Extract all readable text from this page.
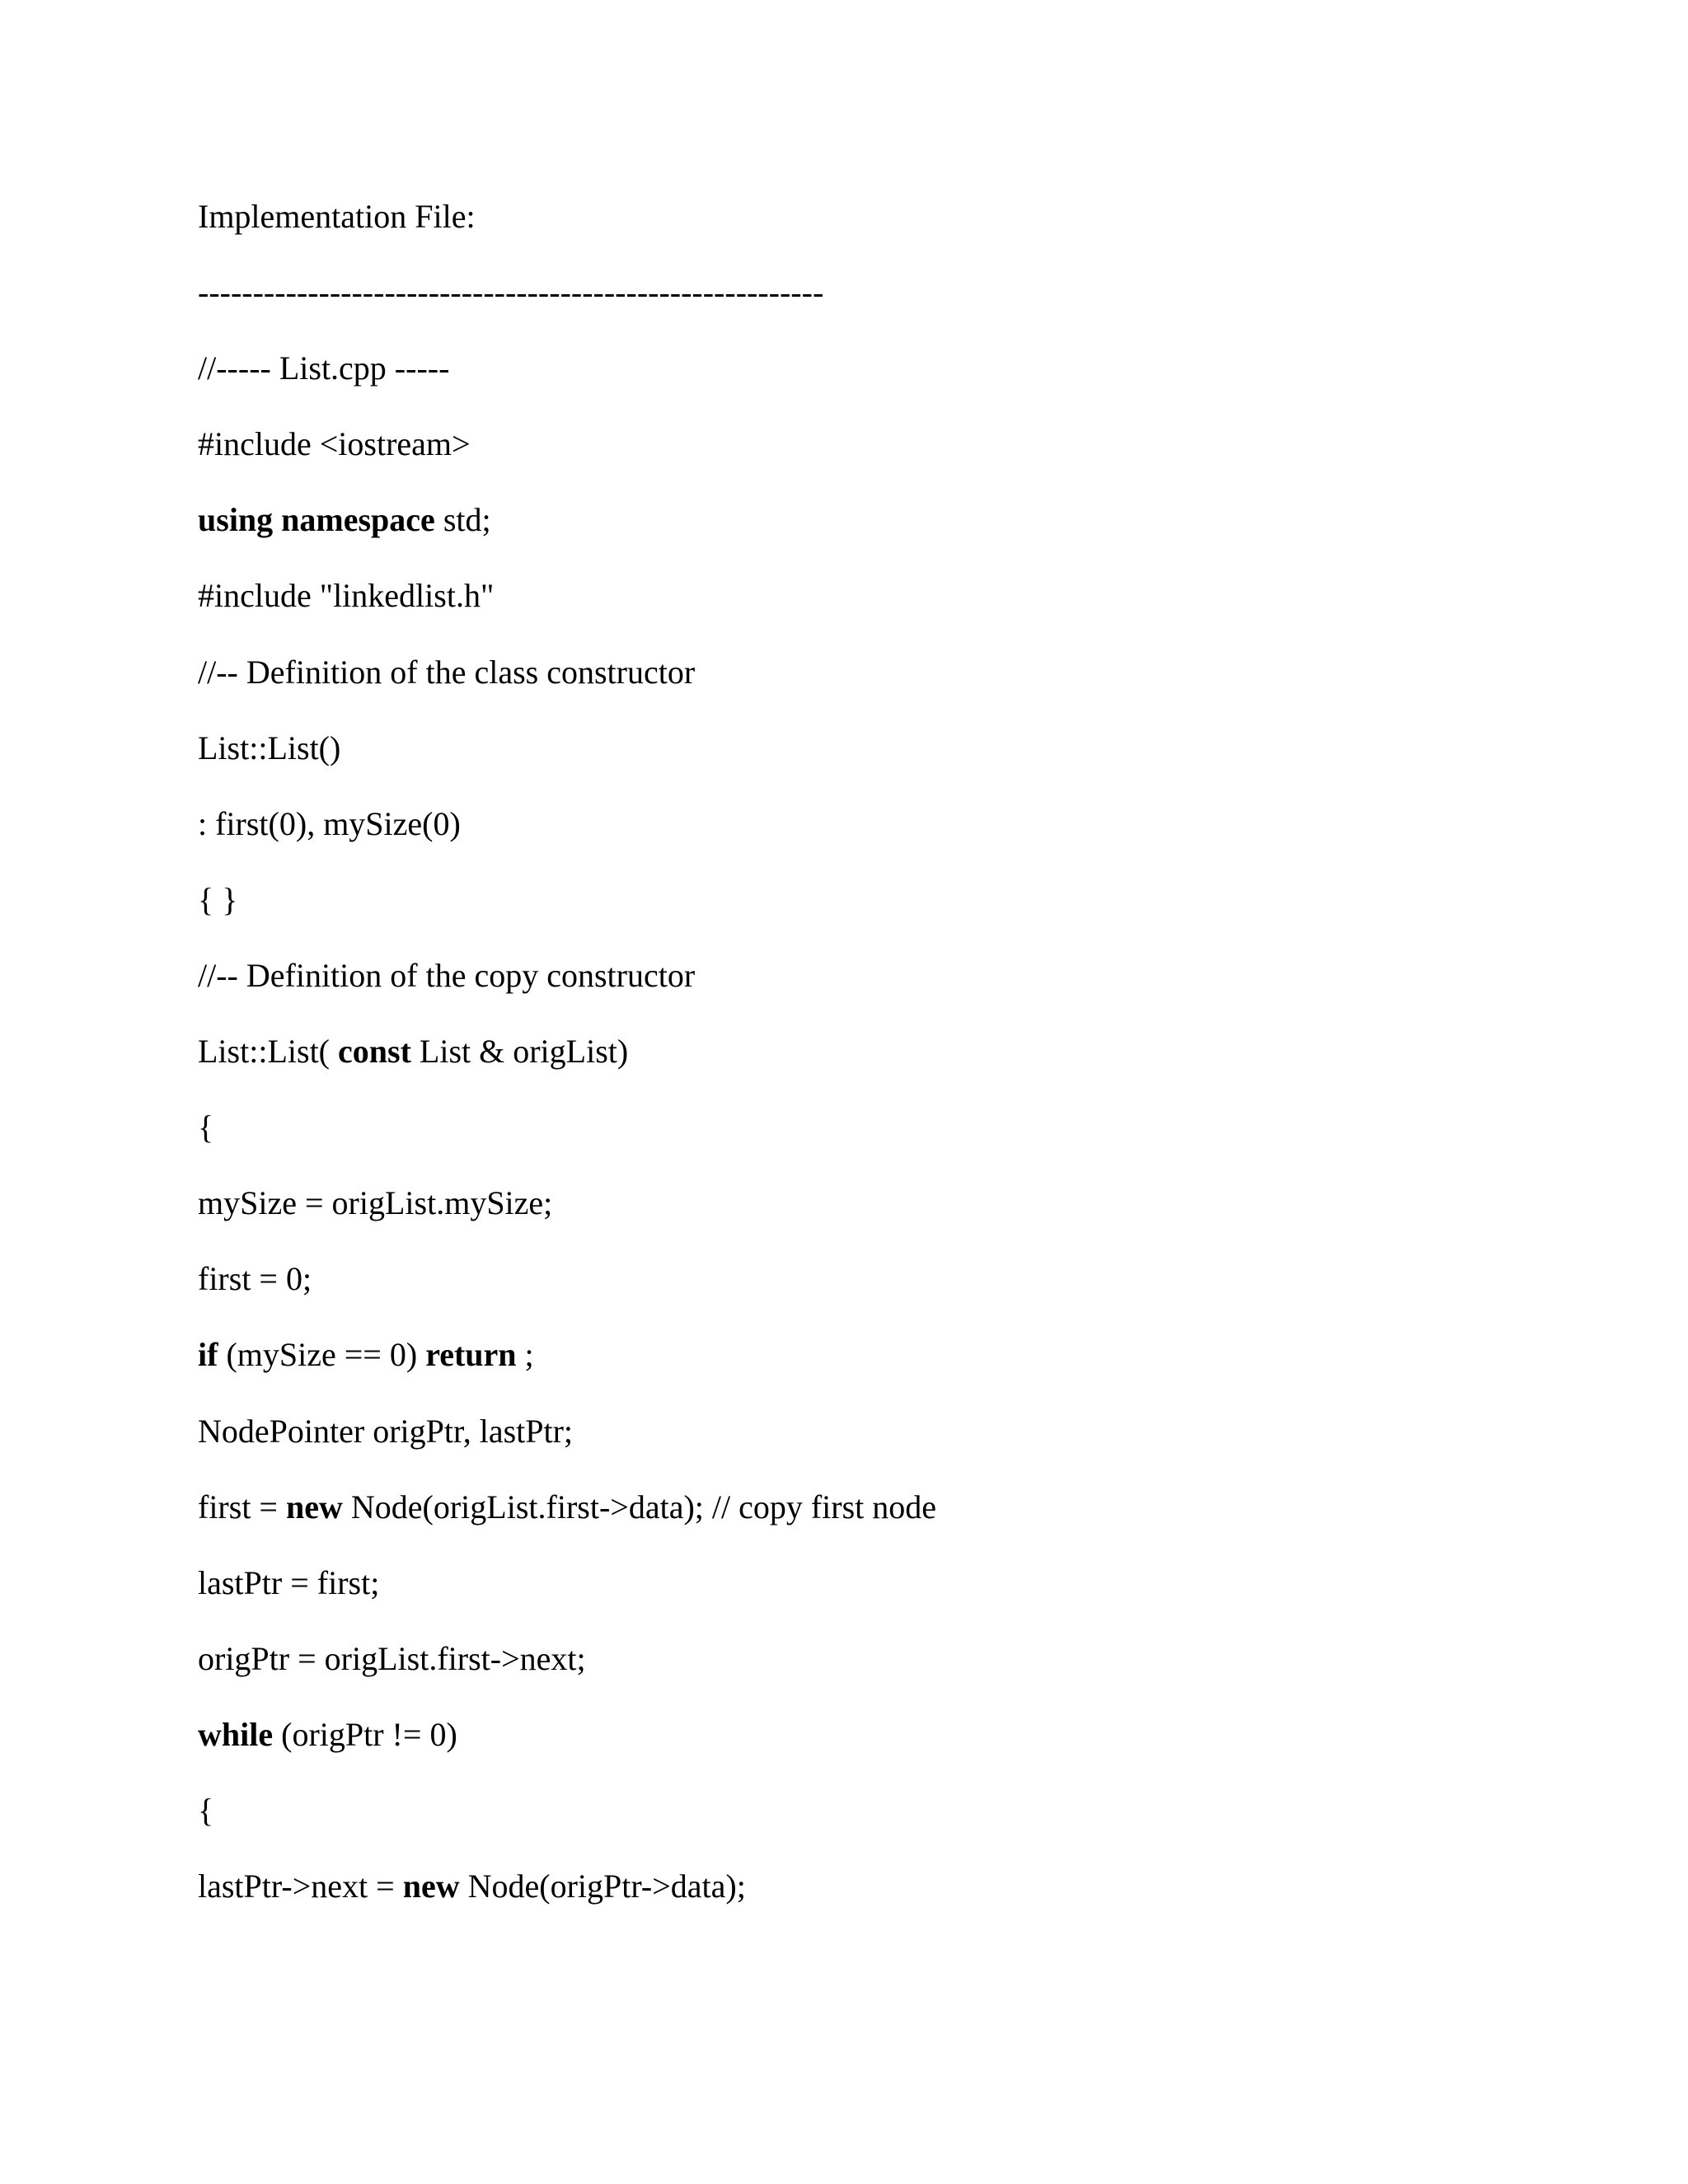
Implementation File:
---------------------------------------------------------
//----- List.cpp -----
#include <iostream>
using namespace std;
#include "linkedlist.h"
//-- Definition of the class constructor
List::List()
: first(0), mySize(0)
{ }
//-- Definition of the copy constructor
List::List( const List & origList)
{
mySize = origList.mySize;
first = 0;
if (mySize == 0) return ;
NodePointer origPtr, lastPtr;
first = new Node(origList.first->data); // copy first node
lastPtr = first;
origPtr = origList.first->next;
while (origPtr != 0)
{
lastPtr->next = new Node(origPtr->data);
